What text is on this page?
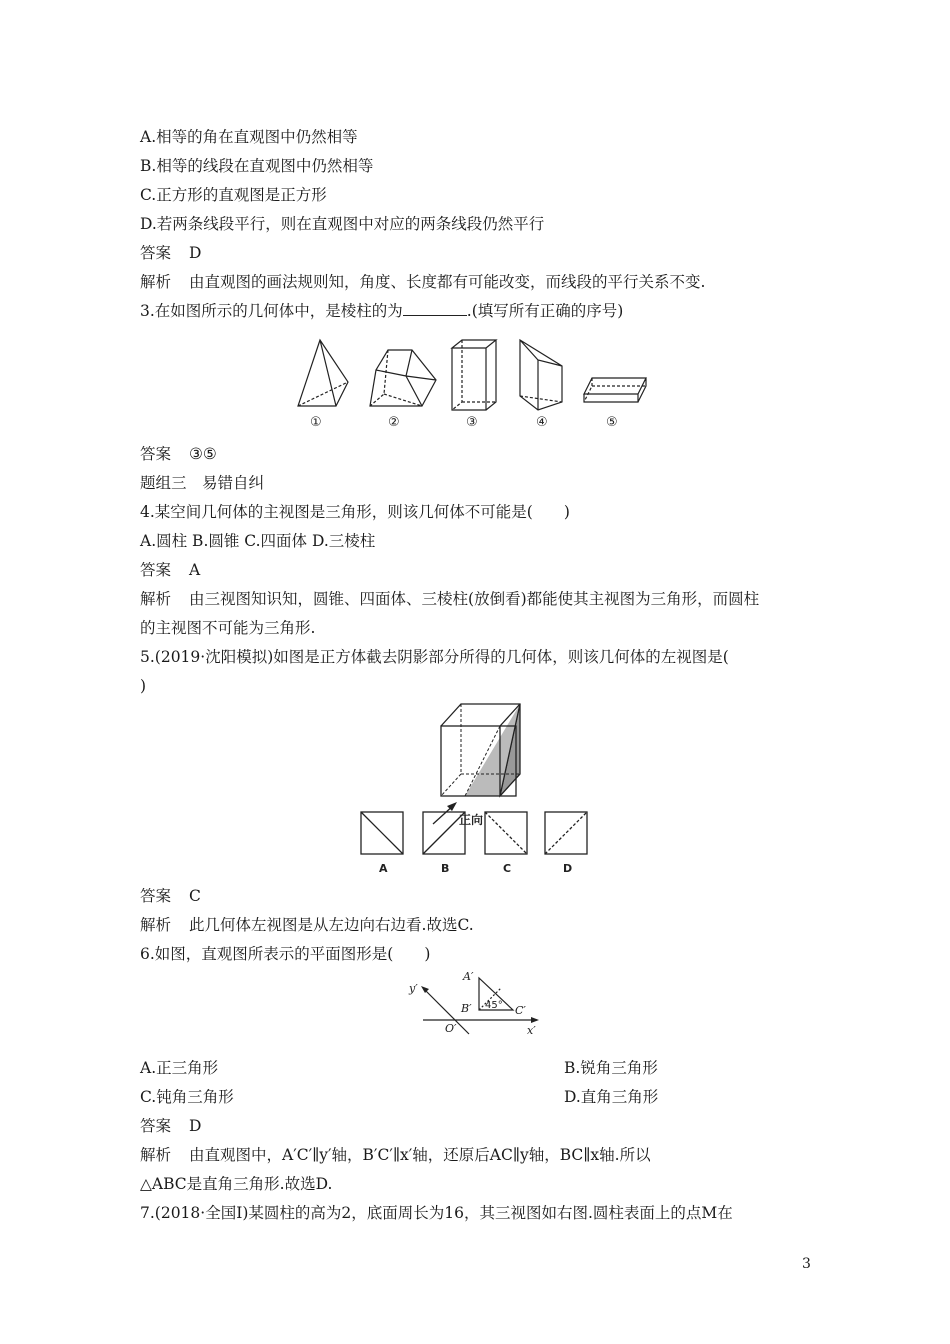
A.相等的角在直观图中仍然相等
B.相等的线段在直观图中仍然相等
C.正方形的直观图是正方形
D.若两条线段平行，则在直观图中对应的两条线段仍然平行
答案 D
解析 由直观图的画法规则知，角度、长度都有可能改变，而线段的平行关系不变.
3.在如图所示的几何体中，是棱柱的为	.(填写所有正确的序号)
①	②	③	④	⑤
答案 ③⑤
题组三　易错自纠
4.某空间几何体的主视图是三角形，则该几何体不可能是(　　)
A.圆柱 B.圆锥 C.四面体 D.三棱柱
答案 A
解析 由三视图知识知，圆锥、四面体、三棱柱(放倒看)都能使其主视图为三角形，而圆柱
的主视图不可能为三角形.
5.(2019·沈阳模拟)如图是正方体截去阴影部分所得的几何体，则该几何体的左视图是(
)
正向
A	B	C	D
答案 C
解析 此几何体左视图是从左边向右边看.故选C.
6.如图，直观图所表示的平面图形是(　　)
A′
B′	C′
O′	x′
y′
45°
A.正三角形	B.锐角三角形
C.钝角三角形	D.直角三角形
答案 D
解析 由直观图中，A′C′∥y′轴，B′C′∥x′轴，还原后AC∥y轴，BC∥x轴.所以
△ABC是直角三角形.故选D.
7.(2018·全国Ⅰ)某圆柱的高为2，底面周长为16，其三视图如右图.圆柱表面上的点M在
3
